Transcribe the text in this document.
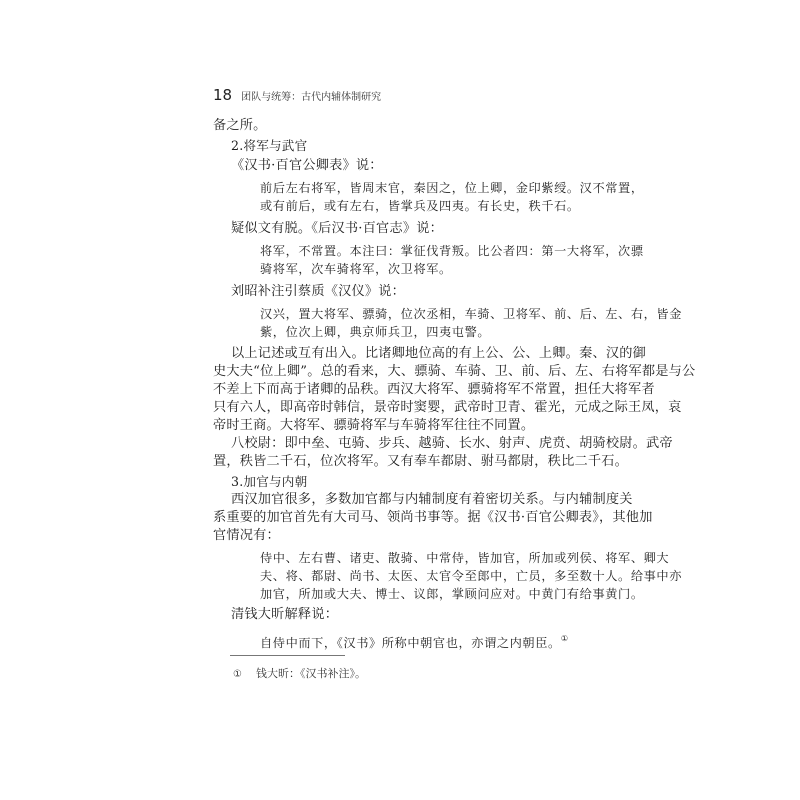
18 团队与统筹：古代内辅体制研究
备之所。
2.将军与武官
《汉书·百官公卿表》说：
前后左右将军，皆周末官，秦因之，位上卿，金印紫绶。汉不常置，
或有前后，或有左右，皆掌兵及四夷。有长史，秩千石。
疑似文有脱。《后汉书·百官志》说：
将军，不常置。本注曰：掌征伐背叛。比公者四：第一大将军，次骠
骑将军，次车骑将军，次卫将军。
刘昭补注引蔡质《汉仪》说：
汉兴，置大将军、骠骑，位次丞相，车骑、卫将军、前、后、左、右，皆金
紫，位次上卿，典京师兵卫，四夷屯警。
以上记述或互有出入。比诸卿地位高的有上公、公、上卿。秦、汉的御
史大夫“位上卿”。总的看来，大、骠骑、车骑、卫、前、后、左、右将军都是与公
不差上下而高于诸卿的品秩。西汉大将军、骠骑将军不常置，担任大将军者
只有六人，即高帝时韩信，景帝时窦婴，武帝时卫青、霍光，元成之际王凤，哀
帝时王商。大将军、骠骑将军与车骑将军往往不同置。
八校尉：即中垒、屯骑、步兵、越骑、长水、射声、虎贲、胡骑校尉。武帝
置，秩皆二千石，位次将军。又有奉车都尉、驸马都尉，秩比二千石。
3.加官与内朝
西汉加官很多，多数加官都与内辅制度有着密切关系。与内辅制度关
系重要的加官首先有大司马、领尚书事等。据《汉书·百官公卿表》，其他加
官情况有：
侍中、左右曹、诸吏、散骑、中常侍，皆加官，所加或列侯、将军、卿大
夫、将、都尉、尚书、太医、太官令至郎中，亡员，多至数十人。给事中亦
加官，所加或大夫、博士、议郎，掌顾问应对。中黄门有给事黄门。
清钱大昕解释说：
自侍中而下，《汉书》所称中朝官也，亦谓之内朝臣。①
① 钱大昕：《汉书补注》。
